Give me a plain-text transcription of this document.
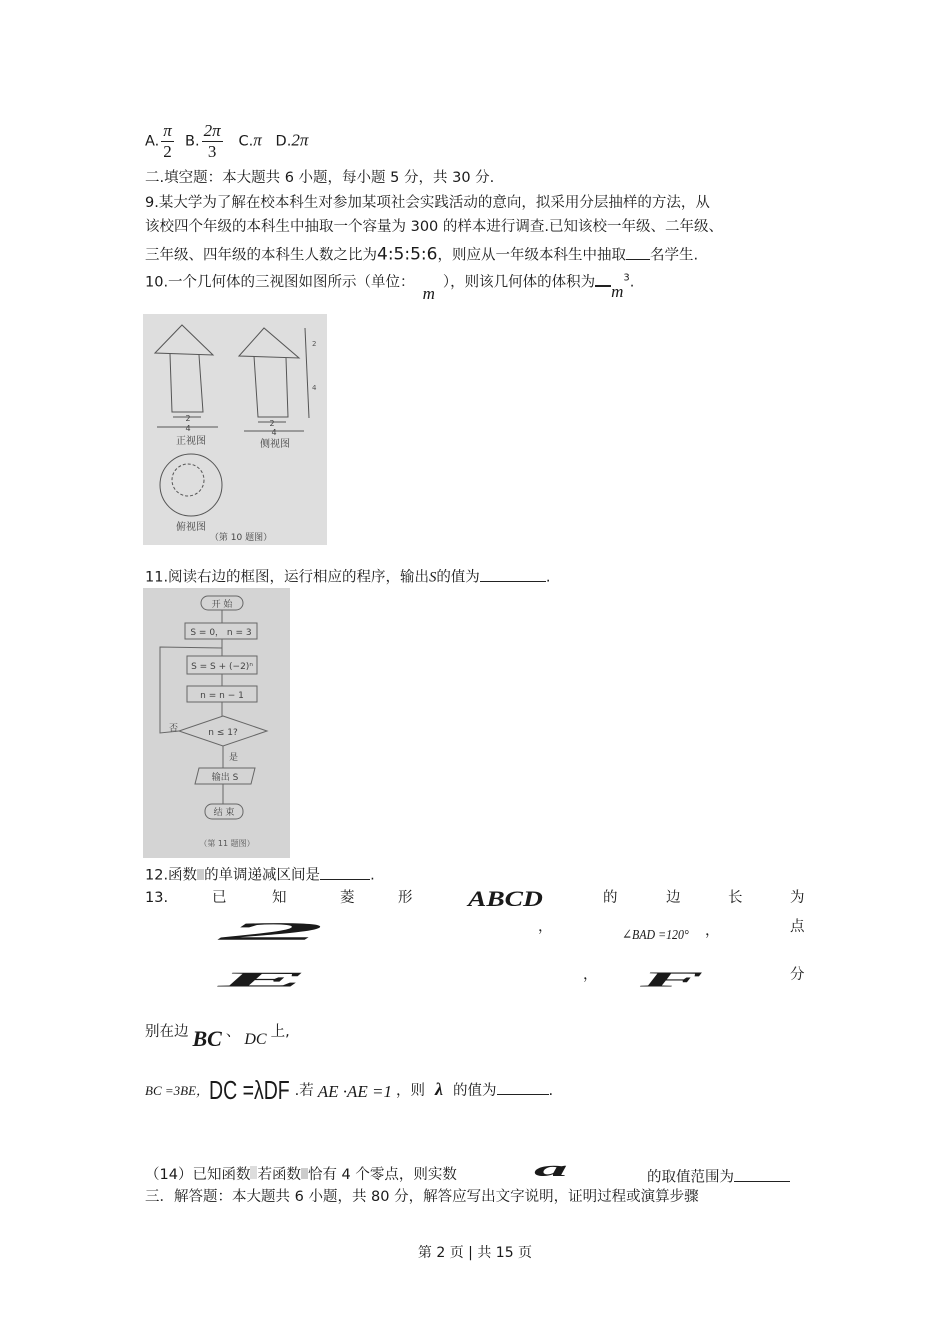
A. $\frac{\pi}{2} B$. $\frac{2\pi}{3} C.\pi$ D.2π
二.填空题：本大题共 6 小题，每小题 5 分，共 30 分.
9.某大学为了解在校本科生对参加某项社会实践活动的意向，拟采用分层抽样的方法，从
该校四个年级的本科生中抽取一个容量为 300 的样本进行调查.已知该校一年级、二年级、
三年级、四年级的本科生人数之比为4:5:5:6，则应从一年级本科生中抽取 名学生.
10.一个几何体的三视图如图所示（单位：m），则该几何体的体积为 $m^3$.
2
4
2
4
2
4
正视图	侧视图
俯视图
（第 10 题图）
11.阅读右边的框图，运行相应的程序，输出S的值为	.
开 始
S = 0， n = 3
S = S + (−2)ⁿ
n = n − 1
n ≤ 1?
否
是
输出 S
结 束
（第 11 题图）
12.函数 的单调递减区间是	.
13.	已	知	菱	形	ABCD	的	边	长	为
2	，
∠BAD =120° ，	点
E	， F	分
别在边 BC 、 DC 上,
BC =3BE，DC =λDF .若 AE ·AE =1 ，则 λ 的值为	.
（14）已知函数 若函数 恰有 4 个零点，则实数	a	的取值范围为
三．解答题：本大题共 6 小题，共 80 分，解答应写出文字说明，证明过程或演算步骤
第 2 页 | 共 15 页
